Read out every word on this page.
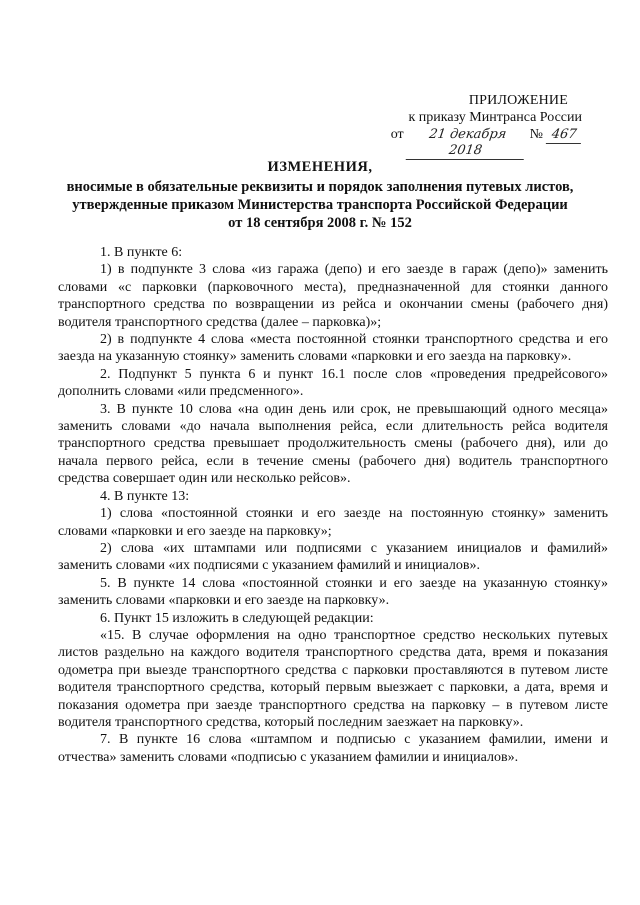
ПРИЛОЖЕНИЕ
к приказу Минтранса России
от	21 декабря 2018
№ 467
ИЗМЕНЕНИЯ,
вносимые в обязательные реквизиты и порядок заполнения путевых листов,
утвержденные приказом Министерства транспорта Российской Федерации
от 18 сентября 2008 г. № 152

1. В пункте 6:

1) в подпункте 3 слова «из гаража (депо) и его заезде в гараж (депо)» заменить словами «с парковки (парковочного места), предназначенной для стоянки данного транспортного средства по возвращении из рейса и окончании смены (рабочего дня) водителя транспортного средства (далее – парковка)»;

2) в подпункте 4 слова «места постоянной стоянки транспортного средства и его заезда на указанную стоянку» заменить словами «парковки и его заезда на парковку».

2. Подпункт 5 пункта 6 и пункт 16.1 после слов «проведения предрейсового» дополнить словами «или предсменного».

3. В пункте 10 слова «на один день или срок, не превышающий одного месяца» заменить словами «до начала выполнения рейса, если длительность рейса водителя транспортного средства превышает продолжительность смены (рабочего дня), или до начала первого рейса, если в течение смены (рабочего дня) водитель транспортного средства совершает один или несколько рейсов».

4. В пункте 13:

1) слова «постоянной стоянки и его заезде на постоянную стоянку» заменить словами «парковки и его заезде на парковку»;

2) слова «их штампами или подписями с указанием инициалов и фамилий» заменить словами «их подписями с указанием фамилий и инициалов».

5. В пункте 14 слова «постоянной стоянки и его заезде на указанную стоянку» заменить словами «парковки и его заезде на парковку».

6. Пункт 15 изложить в следующей редакции:

«15. В случае оформления на одно транспортное средство нескольких путевых листов раздельно на каждого водителя транспортного средства дата, время и показания одометра при выезде транспортного средства с парковки проставляются в путевом листе водителя транспортного средства, который первым выезжает с парковки, а дата, время и показания одометра при заезде транспортного средства на парковку – в путевом листе водителя транспортного средства, который последним заезжает на парковку».

7. В пункте 16 слова «штампом и подписью с указанием фамилии, имени и отчества» заменить словами «подписью с указанием фамилии и инициалов».
